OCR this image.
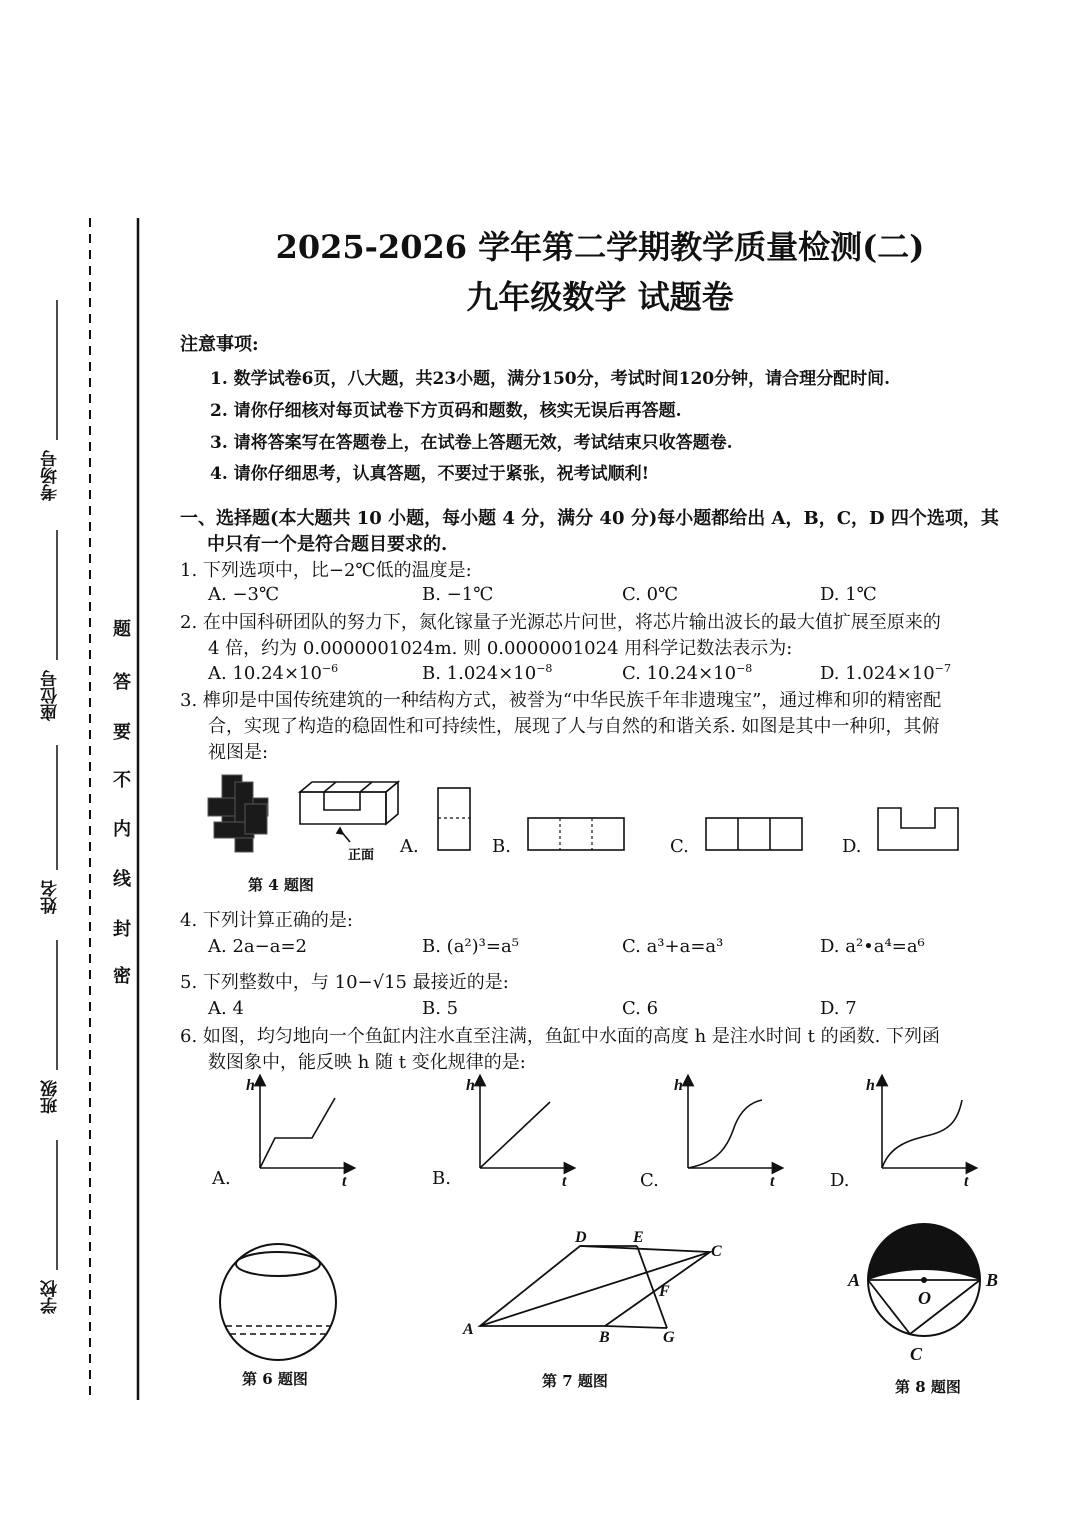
考场号
座位号
姓名
班级
学校
题
答
要
不
内
线
封
密
2025-2026 学年第二学期教学质量检测(二)
九年级数学 试题卷
注意事项:
1. 数学试卷6页，八大题，共23小题，满分150分，考试时间120分钟，请合理分配时间.
2. 请你仔细核对每页试卷下方页码和题数，核实无误后再答题.
3. 请将答案写在答题卷上，在试卷上答题无效，考试结束只收答题卷.
4. 请你仔细思考，认真答题，不要过于紧张，祝考试顺利!
一、选择题(本大题共 10 小题，每小题 4 分，满分 40 分)每小题都给出 A，B，C，D 四个选项，其
中只有一个是符合题目要求的.
1. 下列选项中，比−2℃低的温度是:
A. −3℃	B. −1℃	C. 0℃	D. 1℃
2. 在中国科研团队的努力下，氮化镓量子光源芯片问世，将芯片输出波长的最大值扩展至原来的
4 倍，约为 0.0000001024m. 则 0.0000001024 用科学记数法表示为:
A. $10.24\times 10^{-6}$	B. $1.024\times 10^{-8}$	C. $10.24\times 10^{-8}$	D. $1.024\times 10^{-7}$
3. 榫卯是中国传统建筑的一种结构方式，被誉为“中华民族千年非遗瑰宝”，通过榫和卯的精密配
合，实现了构造的稳固性和可持续性，展现了人与自然的和谐关系. 如图是其中一种卯，其俯
视图是:
正面 A.	B.	C.	D.
第 4 题图
4. 下列计算正确的是:
A. 2a−a=2	B. (a²)³=a⁵	C. a³+a=a³	D. a²•a⁴=a⁶
5. 下列整数中，与 10−√15 最接近的是:
A. 4	B. 5	C. 6	D. 7
6. 如图，均匀地向一个鱼缸内注水直至注满，鱼缸中水面的高度 h 是注水时间 t 的函数. 下列函
数图象中，能反映 h 随 t 变化规律的是:
h
t
h
t
h
t
h
t
A.	B.	C.	D.
第 6 题图
D	E
C
F
A	B	G
第 7 题图
A
O
B
C
第 8 题图
